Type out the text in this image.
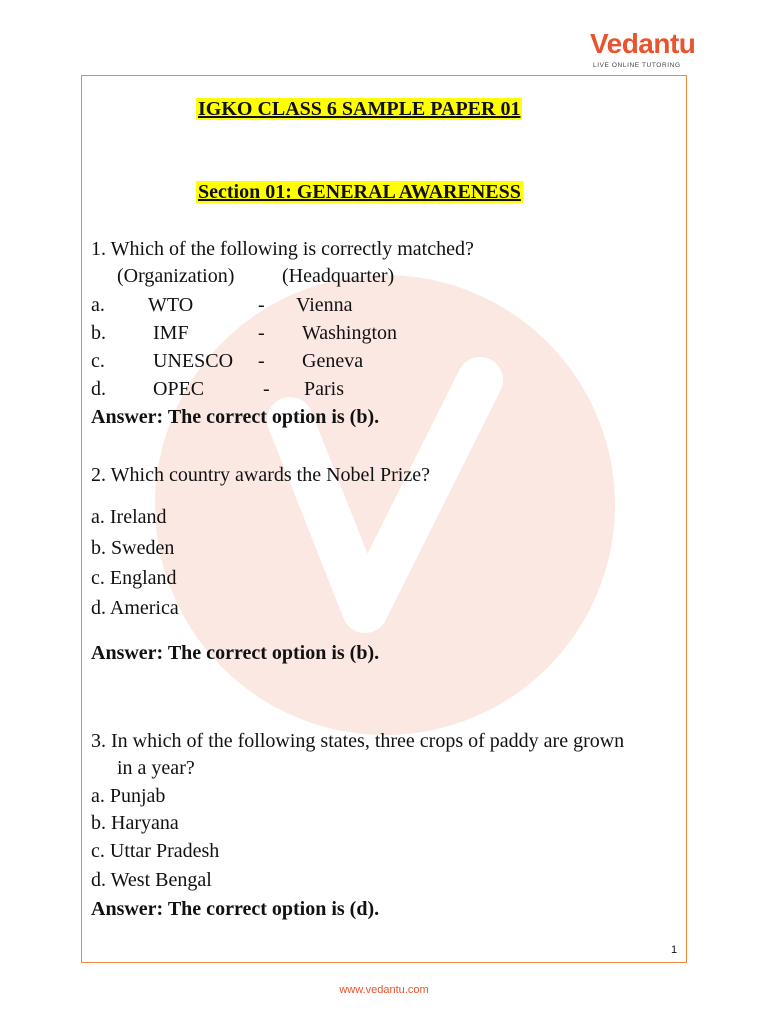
Vedantu
LIVE ONLINE TUTORING
IGKO CLASS 6 SAMPLE PAPER 01
Section 01: GENERAL AWARENESS
1. Which of the following is correctly matched?
(Organization) (Headquarter)
a. WTO	- Vienna
b. IMF	- Washington
c. UNESCO - Geneva
d. OPEC	- Paris
Answer: The correct option is (b).
2. Which country awards the Nobel Prize?
a. Ireland
b. Sweden
c. England
d. America
Answer: The correct option is (b).
3. In which of the following states, three crops of paddy are grown
in a year?
a. Punjab
b. Haryana
c. Uttar Pradesh
d. West Bengal
Answer: The correct option is (d).
1
www.vedantu.com
